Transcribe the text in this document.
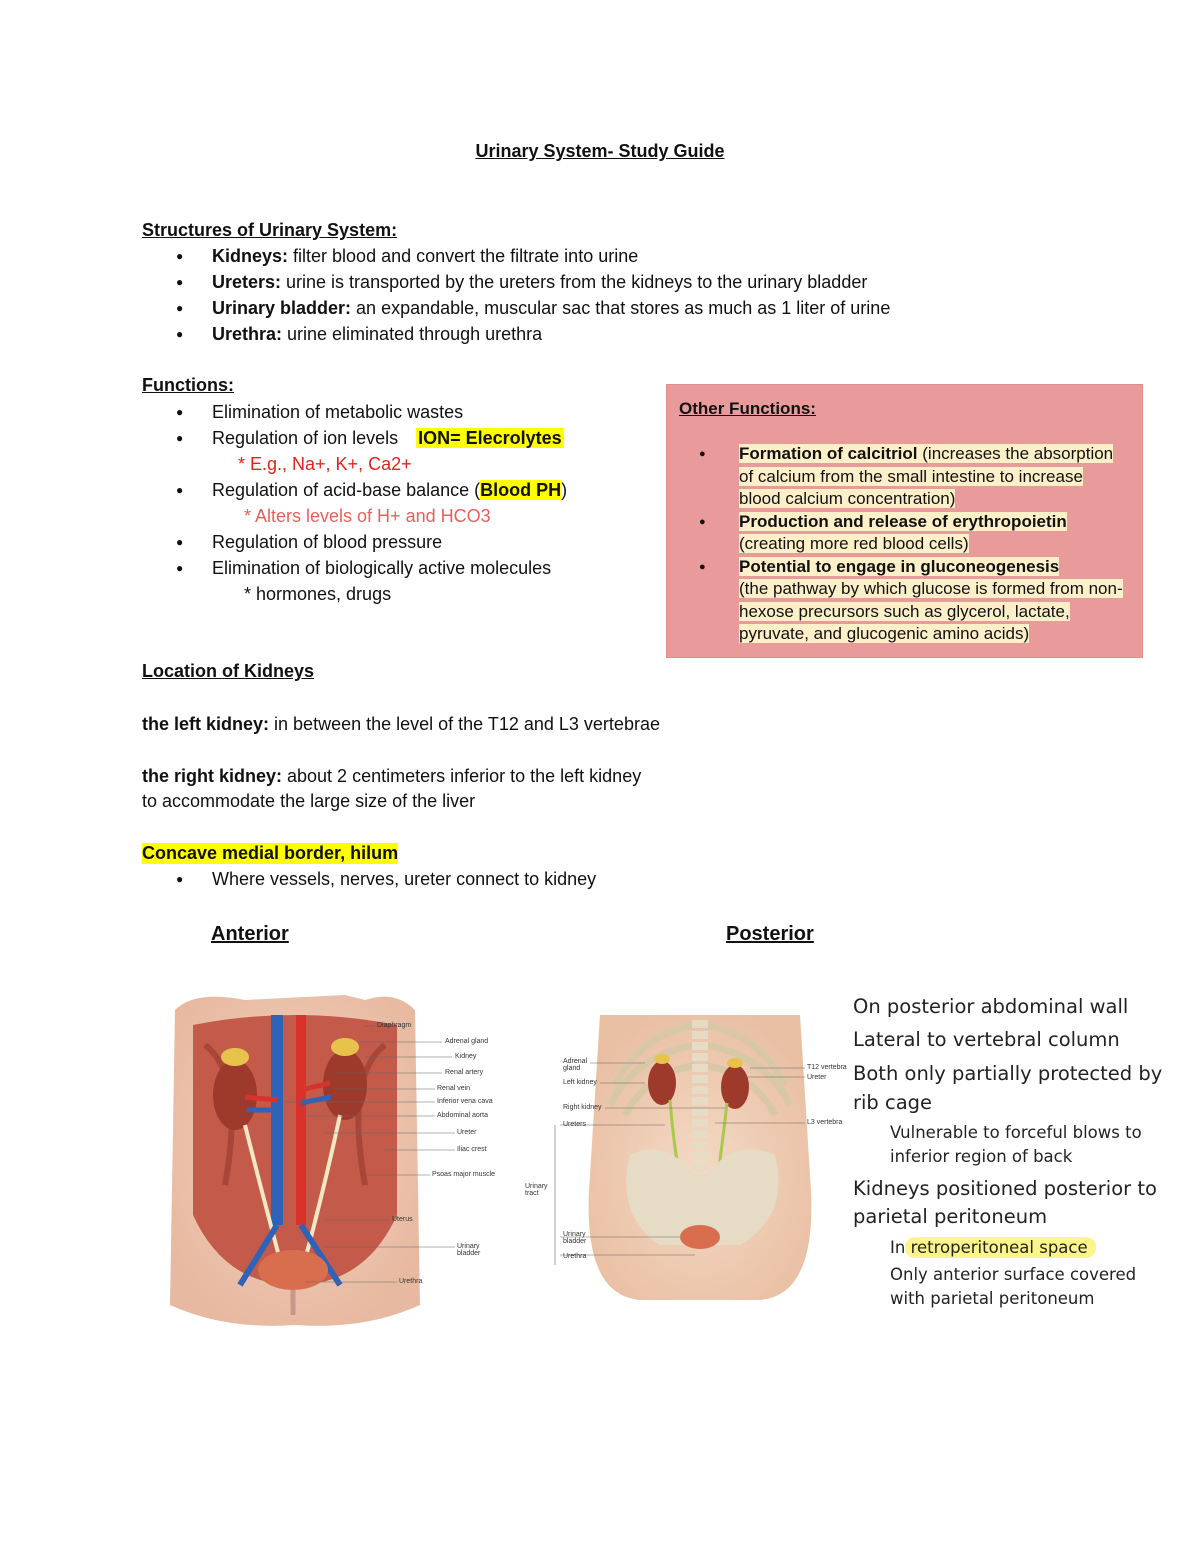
Urinary System- Study Guide
Structures of Urinary System:
● Kidneys: filter blood and convert the filtrate into urine
● Ureters: urine is transported by the ureters from the kidneys to the urinary bladder
● Urinary bladder: an expandable, muscular sac that stores as much as 1 liter of urine
● Urethra: urine eliminated through urethra
Functions:
● Elimination of metabolic wastes
● Regulation of ion levels ION= Elecrolytes
* E.g., Na+, K+, Ca2+
● Regulation of acid-base balance (Blood PH)
* Alters levels of H+ and HCO3
● Regulation of blood pressure
● Elimination of biologically active molecules
* hormones, drugs
Other Functions:
● Formation of calcitriol (increases the absorption of calcium from the small intestine to increase blood calcium concentration)
● Production and release of erythropoietin
(creating more red blood cells)
● Potential to engage in gluconeogenesis
(the pathway by which glucose is formed from non-hexose precursors such as glycerol, lactate, pyruvate, and glucogenic amino acids)
Location of Kidneys
the left kidney: in between the level of the T12 and L3 vertebrae
the right kidney: about 2 centimeters inferior to the left kidney
to accommodate the large size of the liver
Concave medial border, hilum
● Where vessels, nerves, ureter connect to kidney
Anterior	Posterior
Diaphragm
Adrenal gland
Kidney
Renal artery
Renal vein
Inferior vena cava
Abdominal aorta
Ureter
Iliac crest
Psoas major muscle
Uterus
Urinary bladder
Urethra
Adrenal gland
Left kidney
Right kidney
Ureters
Urinary tract
Urinary bladder
Urethra
T12 vertebra
Ureter
L3 vertebra
On posterior abdominal wall
Lateral to vertebral column
Both only partially protected by
rib cage
Vulnerable to forceful blows to
inferior region of back
Kidneys positioned posterior to
parietal peritoneum
In retroperitoneal space
Only anterior surface covered
with parietal peritoneum
